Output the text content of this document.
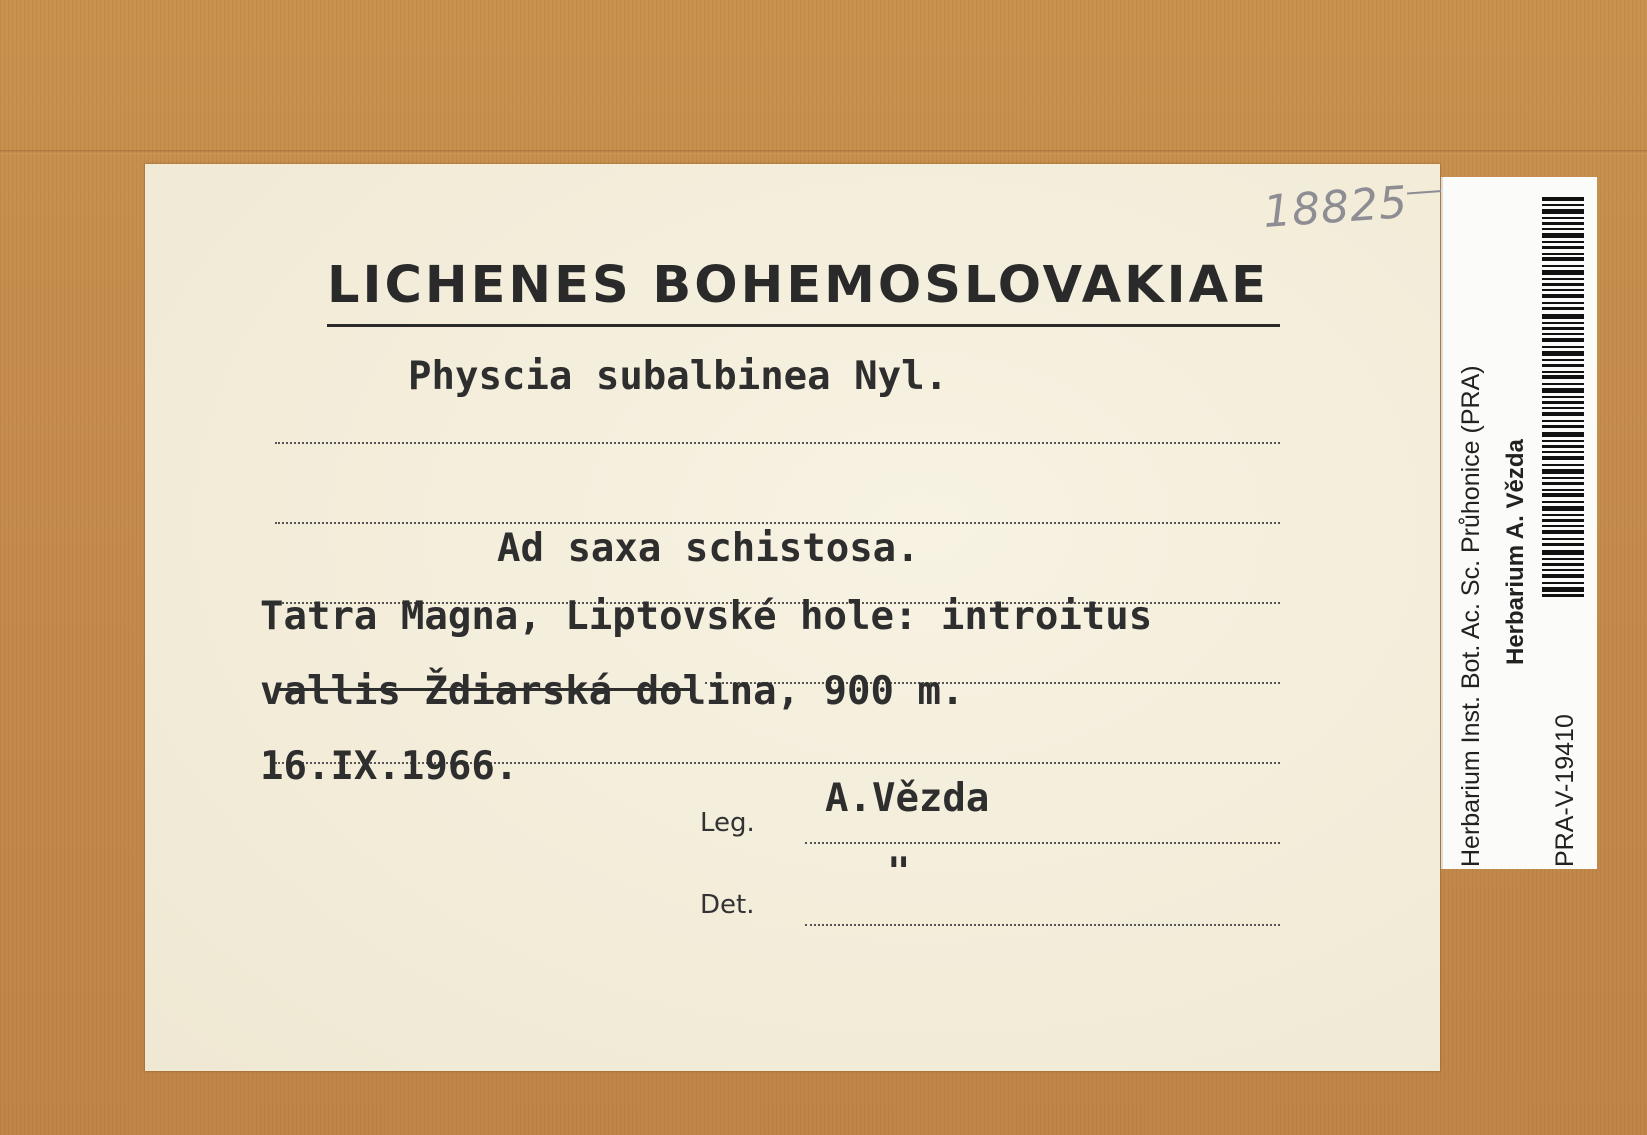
18825
LICHENES BOHEMOSLOVAKIAE
Physcia subalbinea Nyl.
Ad saxa schistosa.
Tatra Magna, Liptovské hole: introitus
vallis Ždiarská dolina, 900 m.
16.IX.1966.
Leg.
A.Vězda
Det.
"
Herbarium Inst. Bot. Ac. Sc. Průhonice (PRA) Herbarium A. Vězda
PRA-V-19410
